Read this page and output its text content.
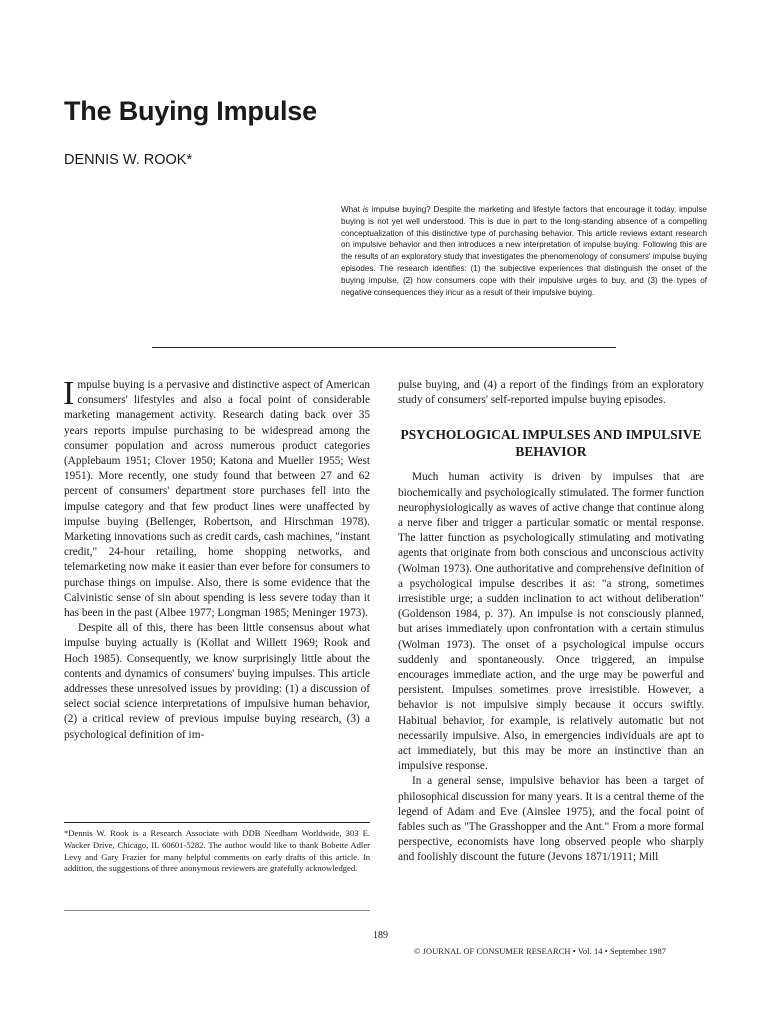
The Buying Impulse
DENNIS W. ROOK*

What is impulse buying? Despite the marketing and lifestyle factors that encourage it today, impulse buying is not yet well understood. This is due in part to the long-standing absence of a compelling conceptualization of this distinctive type of purchasing behavior. This article reviews extant research on impulsive behavior and then introduces a new interpretation of impulse buying. Following this are the results of an exploratory study that investigates the phenomenology of consumers' impulse buying episodes. The research identifies: (1) the subjective experiences that distinguish the onset of the buying impulse, (2) how consumers cope with their impulsive urges to buy, and (3) the types of negative consequences they incur as a result of their impulsive buying.

Impulse buying is a pervasive and distinctive aspect of American consumers' lifestyles and also a focal point of considerable marketing management activity. Research dating back over 35 years reports impulse purchasing to be widespread among the consumer population and across numerous product categories (Applebaum 1951; Clover 1950; Katona and Mueller 1955; West 1951). More recently, one study found that between 27 and 62 percent of consumers' department store purchases fell into the impulse category and that few product lines were unaffected by impulse buying (Bellenger, Robertson, and Hirschman 1978). Marketing innovations such as credit cards, cash machines, "instant credit," 24-hour retailing, home shopping networks, and telemarketing now make it easier than ever before for consumers to purchase things on impulse. Also, there is some evidence that the Calvinistic sense of sin about spending is less severe today than it has been in the past (Albee 1977; Longman 1985; Meninger 1973).

Despite all of this, there has been little consensus about what impulse buying actually is (Kollat and Willett 1969; Rook and Hoch 1985). Consequently, we know surprisingly little about the contents and dynamics of consumers' buying impulses. This article addresses these unresolved issues by providing: (1) a discussion of select social science interpretations of impulsive human behavior, (2) a critical review of previous impulse buying research, (3) a psychological definition of im-

pulse buying, and (4) a report of the findings from an exploratory study of consumers' self-reported impulse buying episodes.

PSYCHOLOGICAL IMPULSES AND IMPULSIVE BEHAVIOR

Much human activity is driven by impulses that are biochemically and psychologically stimulated. The former function neurophysiologically as waves of active change that continue along a nerve fiber and trigger a particular somatic or mental response. The latter function as psychologically stimulating and motivating agents that originate from both conscious and unconscious activity (Wolman 1973). One authoritative and comprehensive definition of a psychological impulse describes it as: "a strong, sometimes irresistible urge; a sudden inclination to act without deliberation" (Goldenson 1984, p. 37). An impulse is not consciously planned, but arises immediately upon confrontation with a certain stimulus (Wolman 1973). The onset of a psychological impulse occurs suddenly and spontaneously. Once triggered, an impulse encourages immediate action, and the urge may be powerful and persistent. Impulses sometimes prove irresistible. However, a behavior is not impulsive simply because it occurs swiftly. Habitual behavior, for example, is relatively automatic but not necessarily impulsive. Also, in emergencies individuals are apt to act immediately, but this may be more an instinctive than an impulsive response.

In a general sense, impulsive behavior has been a target of philosophical discussion for many years. It is a central theme of the legend of Adam and Eve (Ainslee 1975), and the focal point of fables such as "The Grasshopper and the Ant." From a more formal perspective, economists have long observed people who sharply and foolishly discount the future (Jevons 1871/1911; Mill

*Dennis W. Rook is a Research Associate with DDB Needham Worldwide, 303 E. Wacker Drive, Chicago, IL 60601-5282. The author would like to thank Bobette Adler Levy and Gary Frazier for many helpful comments on early drafts of this article. In addition, the suggestions of three anonymous reviewers are gratefully acknowledged.

189
© JOURNAL OF CONSUMER RESEARCH • Vol. 14 • September 1987
